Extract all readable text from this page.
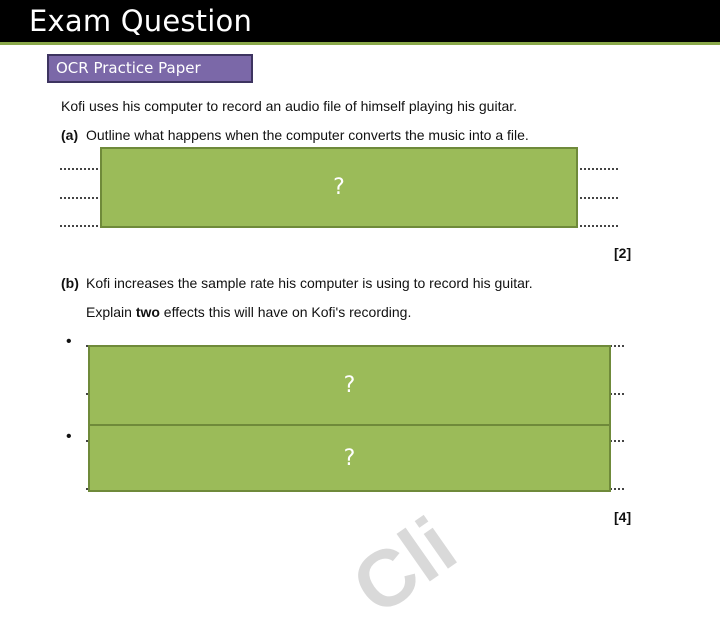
Exam Question
OCR Practice Paper
Cli
Kofi uses his computer to record an audio file of himself playing his guitar.
(a) Outline what happens when the computer converts the music into a file.
[2]
(b) Kofi increases the sample rate his computer is using to record his guitar.
Explain two effects this will have on Kofi's recording.
•
•
[4]
?
?
?
